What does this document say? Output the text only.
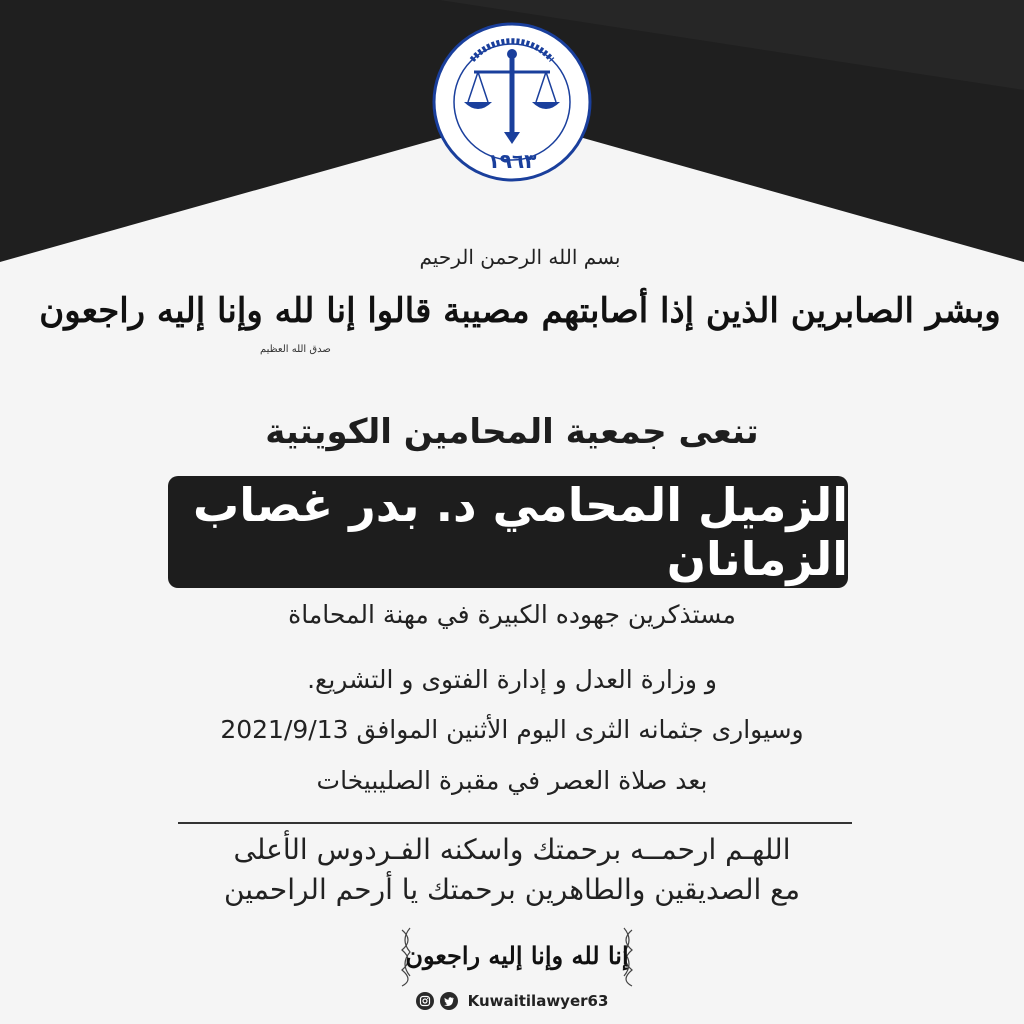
١٩٦٣
بسم الله الرحمن الرحيم
وبشر الصابرين الذين إذا أصابتهم مصيبة قالوا إنا لله وإنا إليه راجعون
صدق الله العظيم
تنعى جمعية المحامين الكويتية
الزميل المحامي د. بدر غصاب الزمانان
مستذكرين جهوده الكبيرة في مهنة المحاماة
و وزارة العدل و إدارة الفتوى و التشريع.
وسيوارى جثمانه الثرى اليوم الأثنين الموافق 2021/9/13
بعد صلاة العصر في مقبرة الصليبيخات
اللهـم ارحمــه برحمتك واسكنه الفـردوس الأعلى
مع الصديقين والطاهرين برحمتك يا أرحم الراحمين
إنا لله وإنا إليه راجعون
Kuwaitilawyer63
